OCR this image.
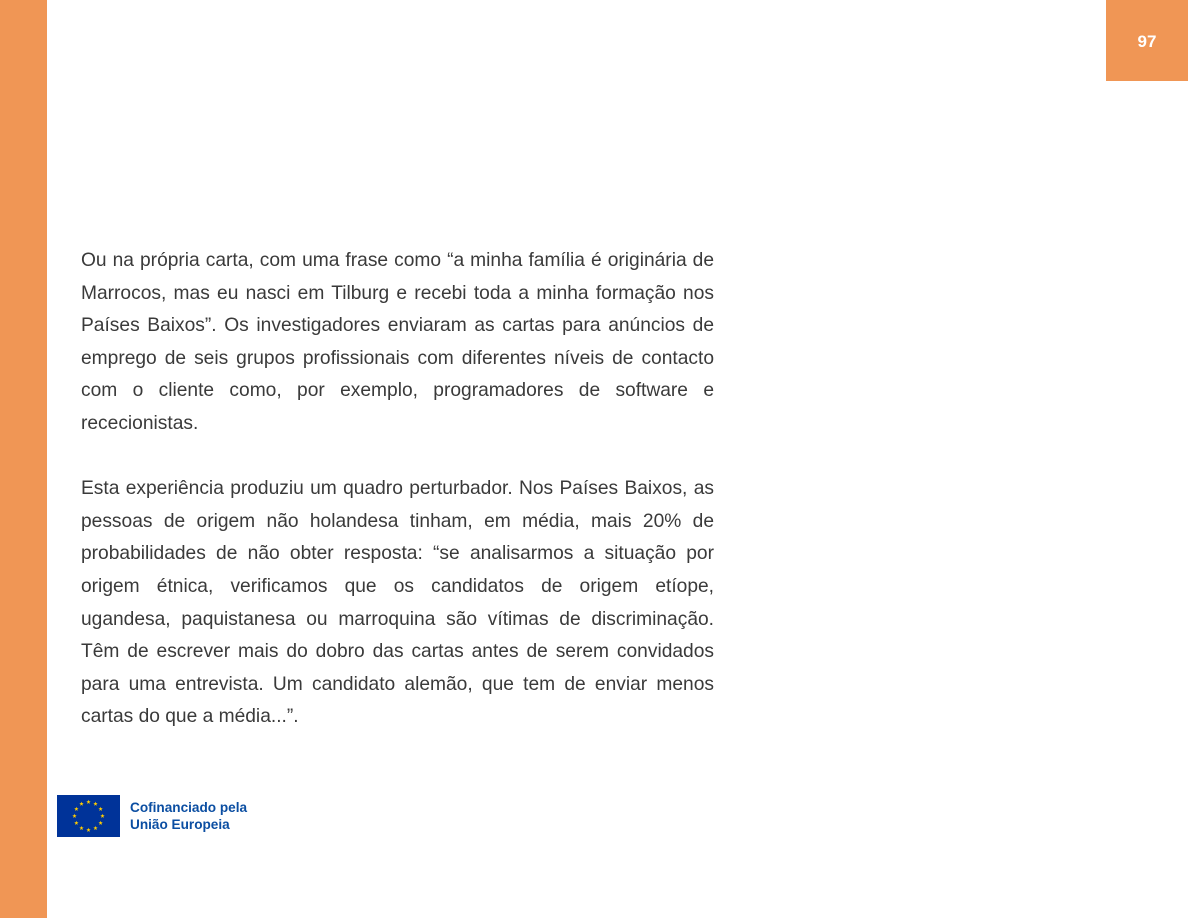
97

Ou na própria carta, com uma frase como “a minha família é originária de Marrocos, mas eu nasci em Tilburg e recebi toda a minha formação nos Países Baixos”. Os investigadores enviaram as cartas para anúncios de emprego de seis grupos profissionais com diferentes níveis de contacto com o cliente como, por exemplo, programadores de software e rececionistas.

Esta experiência produziu um quadro perturbador. Nos Países Baixos, as pessoas de origem não holandesa tinham, em média, mais 20% de probabilidades de não obter resposta: “se analisarmos a situação por origem étnica, verificamos que os candidatos de origem etíope, ugandesa, paquistanesa ou marroquina são vítimas de discriminação. Têm de escrever mais do dobro das cartas antes de serem convidados para uma entrevista. Um candidato alemão, que tem de enviar menos cartas do que a média...”.

Cofinanciado pela
União Europeia
